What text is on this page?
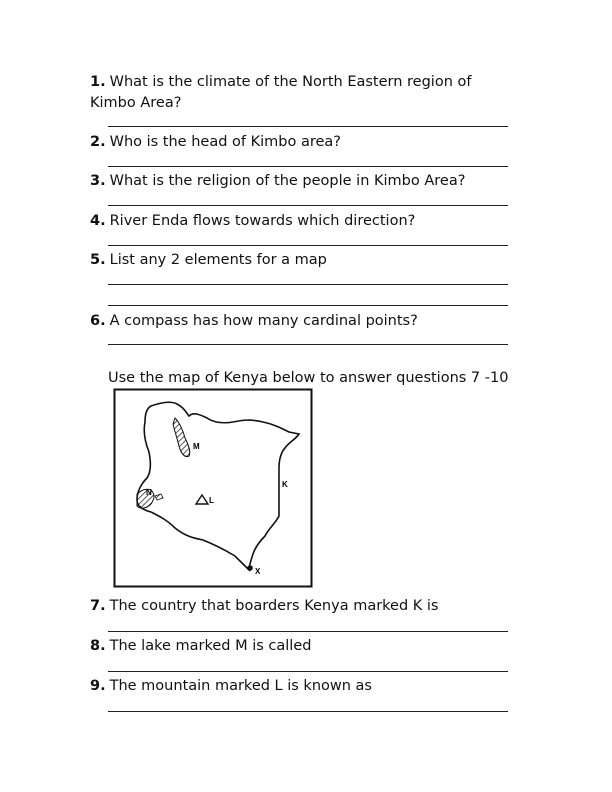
1. What is the climate of the North Eastern region of Kimbo Area?
2. Who is the head of Kimbo area?
3. What is the religion of the people in Kimbo Area?
4. River Enda flows towards which direction?
5. List any 2 elements for a map
6. A compass has how many cardinal points?
Use the map of Kenya below to answer questions 7 -10
M
N
L
K
X
7. The country that boarders Kenya marked K is
8. The lake marked M is called
9. The mountain marked L is known as
